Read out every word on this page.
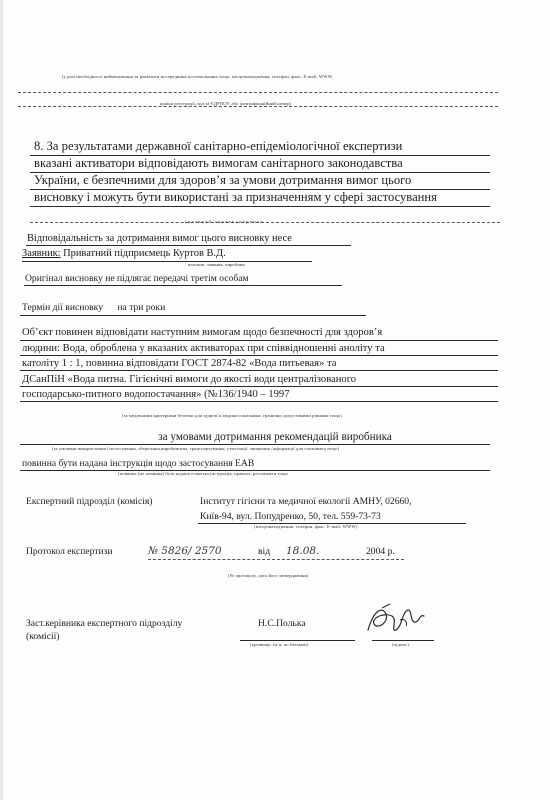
(у разі необхідності найменування та реквізити посередника,постачальника тощо, місцезнаходження, телефон, факс, E-mail, WWW,
країна реєстрації, код за ЄДРПОУ, або ідентифікаційний номер)
8. За результатами державної санітарно-епідеміологічної експертизи
вказані активатори відповідають вимогам санітарного законодавства
України, є безпечними для здоров’я за умови дотримання вимог цього
висновку і можуть бути використані за призначенням у сфері застосування
( н а з в а о б ’ є к т а е к с п е р т и з и
Відповідальність за дотримання вимог цього висновку несе
Заявник: Приватний підприємець Куртов В.Д.
власник, заявник, виробник
Оригінал висновку не підлягає передачі третім особам
Термін дії висновку на три роки
Об’єкт повинен відповідати наступним вимогам щодо безпечності для здоров’я
людини: Вода, оброблена у вказаних активаторах при співвідношенні аноліту та
католіту 1 : 1, повинна відповідати ГОСТ 2874-82 «Вода питьевая» та
ДСанПіН «Вода питна. Гігієнічні вимоги до якості води централізованого
господарсько-питного водопостачання» (№136/1940 – 1997
(за медичними критеріями безпеки для здоров’я людини показники, гранично допустимими рівнями тощо)
за умовами дотримання рекомендацій виробника
(за умовами використання (застосування, зберігання,виробництва, транспортування, утилізації, знищення /інформації для споживача тощо)
повинна бути надана інструкція щодо застосування ЕАВ
(повинна (не повинна) бути надана етикетка,інструкція, правила, регламенти тощо
Експертний підрозділ (комісія)	Інститут гігієни та медичної екології АМНУ, 02660,
Київ-94, вул. Попудренко, 50, тел. 559-73-73
(місцезнаходження, телефон, факс, E-mail, WWW)
Протокол експертизи	№ 5826/ 2570	від 18.08.	2004 р.
(№ протоколу, дата його затвердження)
Заст.керівника експертного підрозділу
(комісії)
Н.С.Полька
(прізвище, ім’я, по батькові)	(підпис)
